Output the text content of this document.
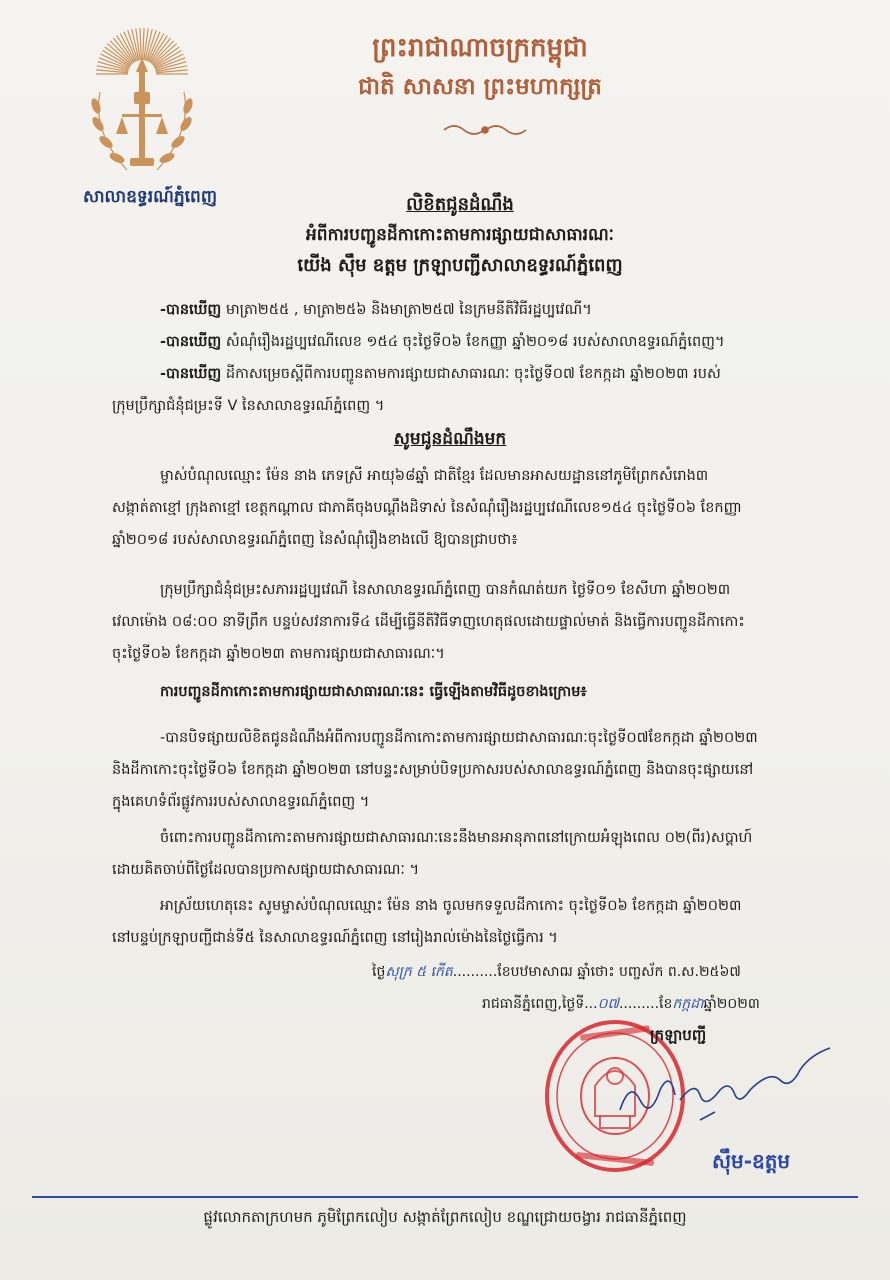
សាលាឧទ្ធរណ៍ភ្នំពេញ
ព្រះរាជាណាចក្រកម្ពុជា
ជាតិ សាសនា ព្រះមហាក្សត្រ
លិខិតជូនដំណឹង
អំពីការបញ្ជូនដីកាកោះតាមការផ្សាយជាសាធារណៈ
យើង ស៊ឹម ឧត្តម ក្រឡាបញ្ជីសាលាឧទ្ធរណ៍ភ្នំពេញ
-បានឃើញ មាត្រា២៥៥ , មាត្រា២៥៦ និងមាត្រា២៥៧ នៃក្រមនីតិវិធីរដ្ឋប្បវេណី។
-បានឃើញ សំណុំរឿងរដ្ឋប្បវេណីលេខ ១៥៤ ចុះថ្ងៃទី០៦ ខែកញ្ញា ឆ្នាំ២០១៨ របស់សាលាឧទ្ធរណ៍ភ្នំពេញ។
-បានឃើញ ដីកាសម្រេចស្តីពីការបញ្ជូនតាមការផ្សាយជាសាធារណៈ ចុះថ្ងៃទី០៧ ខែកក្កដា ឆ្នាំ២០២៣ របស់
ក្រុមប្រឹក្សាជំនុំជម្រះទី V នៃសាលាឧទ្ធរណ៍ភ្នំពេញ ។
សូមជូនដំណឹងមក
ម្ចាស់បំណុលឈ្មោះ ម៉ែន នាង ភេទស្រី អាយុ៦៨ឆ្នាំ ជាតិខ្មែរ ដែលមានអាសយដ្ឋាននៅភូមិព្រែកសំរោង៣
សង្កាត់តាខ្មៅ ក្រុងតាខ្មៅ ខេត្តកណ្ដាល ជាភាគីចុងបណ្ដឹងដិទាស់ នៃសំណុំរឿងរដ្ឋប្បវេណីលេខ១៥៤ ចុះថ្ងៃទី០៦ ខែកញ្ញា
ឆ្នាំ២០១៨ របស់សាលាឧទ្ធរណ៍ភ្នំពេញ នៃសំណុំរឿងខាងលើ ឱ្យបានជ្រាបថា៖
ក្រុមប្រឹក្សាជំនុំជម្រះសភាររដ្ឋប្បវេណី នៃសាលាឧទ្ធរណ៍ភ្នំពេញ បានកំណត់យក ថ្ងៃទី០១ ខែសីហា ឆ្នាំ២០២៣
វេលាម៉ោង ០៨:០០ នាទីព្រឹក បន្ទប់សវនាការទី៤ ដើម្បីធ្វើនីតិវិធីទាញហេតុផលដោយផ្ទាល់មាត់ និងធ្វើការបញ្ជូនដីកាកោះ
ចុះថ្ងៃទី០៦ ខែកក្កដា ឆ្នាំ២០២៣ តាមការផ្សាយជាសាធារណៈ។
ការបញ្ជូនដីកាកោះតាមការផ្សាយជាសាធារណៈនេះ ធ្វើឡើងតាមវិធីដូចខាងក្រោម៖
-បានបិទផ្សាយលិខិតជូនដំណឹងអំពីការបញ្ជូនដីកាកោះតាមការផ្សាយជាសាធារណៈចុះថ្ងៃទី០៧ខែកក្កដា ឆ្នាំ២០២៣
និងដីកាកោះចុះថ្ងៃទី០៦ ខែកក្កដា ឆ្នាំ២០២៣ នៅបន្ទះសម្រាប់បិទប្រកាសរបស់សាលាឧទ្ធរណ៍ភ្នំពេញ និងបានចុះផ្សាយនៅ
ក្នុងគេហទំព័រផ្លូវការរបស់សាលាឧទ្ធរណ៍ភ្នំពេញ ។
ចំពោះការបញ្ជូនដីកាកោះតាមការផ្សាយជាសាធារណៈនេះនឹងមានអានុភាពនៅក្រោយអំឡុងពេល ០២(ពីរ)សប្ដាហ៍
ដោយគិតចាប់ពីថ្ងៃដែលបានប្រកាសផ្សាយជាសាធារណៈ ។
អាស្រ័យហេតុនេះ សូមម្ចាស់បំណុលឈ្មោះ ម៉ែន នាង ចូលមកទទួលដីកាកោះ ចុះថ្ងៃទី០៦ ខែកក្កដា ឆ្នាំ២០២៣
នៅបន្ទប់ក្រឡាបញ្ជីជាន់ទី៥ នៃសាលាឧទ្ធរណ៍ភ្នំពេញ នៅរៀងរាល់ម៉ោងនៃថ្ងៃធ្វើការ ។
ថ្ងៃសុក្រ ៥ កើត..........ខែបឋមាសាឍ ឆ្នាំថោះ បញ្ចស័ក ព.ស.២៥៦៧
រាជធានីភ្នំពេញ,ថ្ងៃទី...០៧.........ខែកក្កដាឆ្នាំ២០២៣
ក្រឡាបញ្ជី
ស៊ឹម-ឧត្តម
ផ្លូវលោកតាក្រហមក ភូមិព្រែកលៀប សង្កាត់ព្រែកលៀប ខណ្ឌជ្រោយចង្វារ រាជធានីភ្នំពេញ
